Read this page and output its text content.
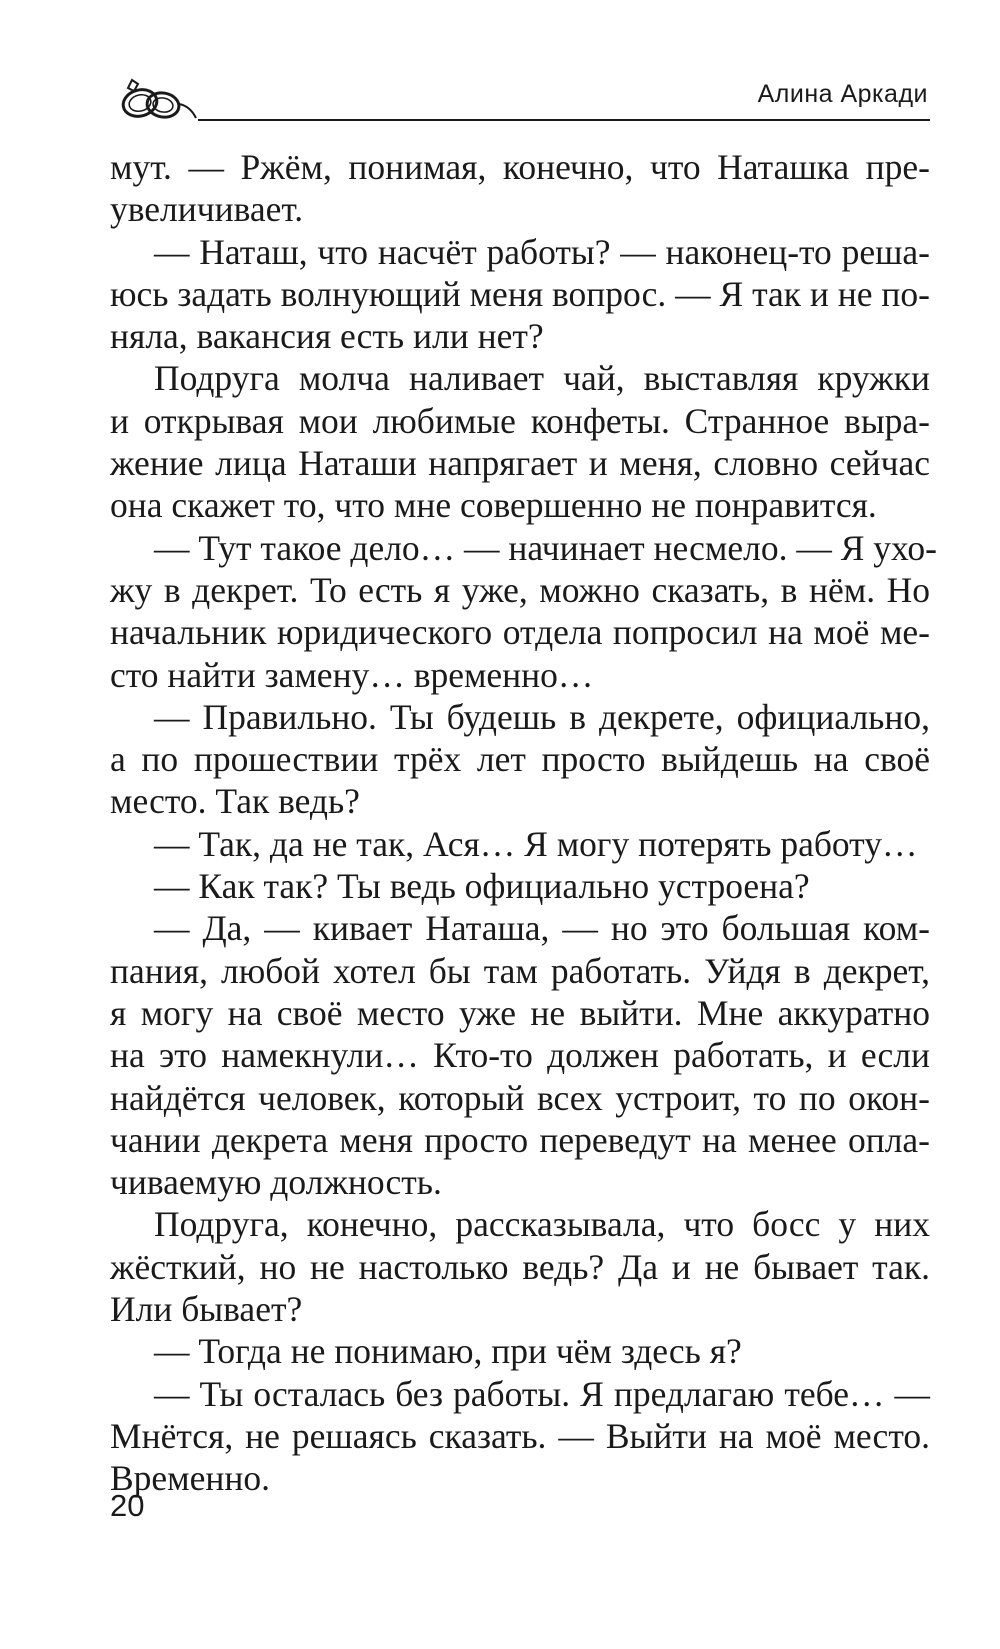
Алина Аркади
мут. — Ржём, понимая, конечно, что Наташка пре-
увеличивает.
— Наташ, что насчёт работы? — наконец-то реша-
юсь задать волнующий меня вопрос. — Я так и не по-
няла, вакансия есть или нет?
Подруга молча наливает чай, выставляя кружки
и открывая мои любимые конфеты. Странное выра-
жение лица Наташи напрягает и меня, словно сейчас
она скажет то, что мне совершенно не понравится.
— Тут такое дело… — начинает несмело. — Я ухо-
жу в декрет. То есть я уже, можно сказать, в нём. Но
начальник юридического отдела попросил на моё ме-
сто найти замену… временно…
— Правильно. Ты будешь в декрете, официально,
а по прошествии трёх лет просто выйдешь на своё
место. Так ведь?
— Так, да не так, Ася… Я могу потерять работу…
— Как так? Ты ведь официально устроена?
— Да, — кивает Наташа, — но это большая ком-
пания, любой хотел бы там работать. Уйдя в декрет,
я могу на своё место уже не выйти. Мне аккуратно
на это намекнули… Кто-то должен работать, и если
найдётся человек, который всех устроит, то по окон-
чании декрета меня просто переведут на менее опла-
чиваемую должность.
Подруга, конечно, рассказывала, что босс у них
жёсткий, но не настолько ведь? Да и не бывает так.
Или бывает?
— Тогда не понимаю, при чём здесь я?
— Ты осталась без работы. Я предлагаю тебе… —
Мнётся, не решаясь сказать. — Выйти на моё место.
Временно.
20
